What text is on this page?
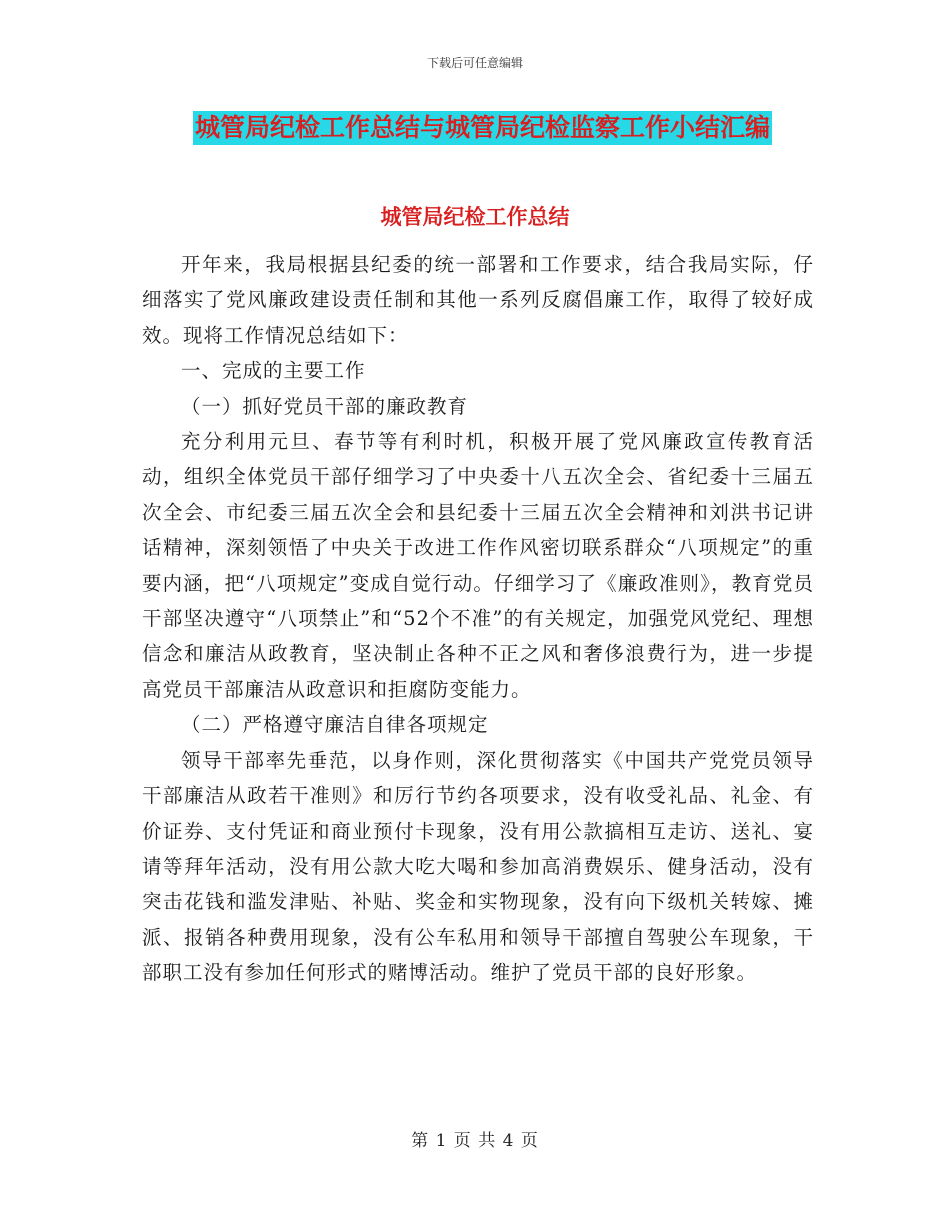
下载后可任意编辑
城管局纪检工作总结与城管局纪检监察工作小结汇编
城管局纪检工作总结

开年来，我局根据县纪委的统一部署和工作要求，结合我局实际，仔细落实了党风廉政建设责任制和其他一系列反腐倡廉工作，取得了较好成效。现将工作情况总结如下：

一、完成的主要工作

（一）抓好党员干部的廉政教育

充分利用元旦、春节等有利时机，积极开展了党风廉政宣传教育活动，组织全体党员干部仔细学习了中央委十八五次全会、省纪委十三届五次全会、市纪委三届五次全会和县纪委十三届五次全会精神和刘洪书记讲话精神，深刻领悟了中央关于改进工作作风密切联系群众“八项规定”的重要内涵，把“八项规定”变成自觉行动。仔细学习了《廉政准则》，教育党员干部坚决遵守“八项禁止”和“52个不准”的有关规定，加强党风党纪、理想信念和廉洁从政教育，坚决制止各种不正之风和奢侈浪费行为，进一步提高党员干部廉洁从政意识和拒腐防变能力。

（二）严格遵守廉洁自律各项规定

领导干部率先垂范，以身作则，深化贯彻落实《中国共产党党员领导干部廉洁从政若干准则》和厉行节约各项要求，没有收受礼品、礼金、有价证券、支付凭证和商业预付卡现象，没有用公款搞相互走访、送礼、宴请等拜年活动，没有用公款大吃大喝和参加高消费娱乐、健身活动，没有突击花钱和滥发津贴、补贴、奖金和实物现象，没有向下级机关转嫁、摊派、报销各种费用现象，没有公车私用和领导干部擅自驾驶公车现象，干部职工没有参加任何形式的赌博活动。维护了党员干部的良好形象。

第 1 页 共 4 页
